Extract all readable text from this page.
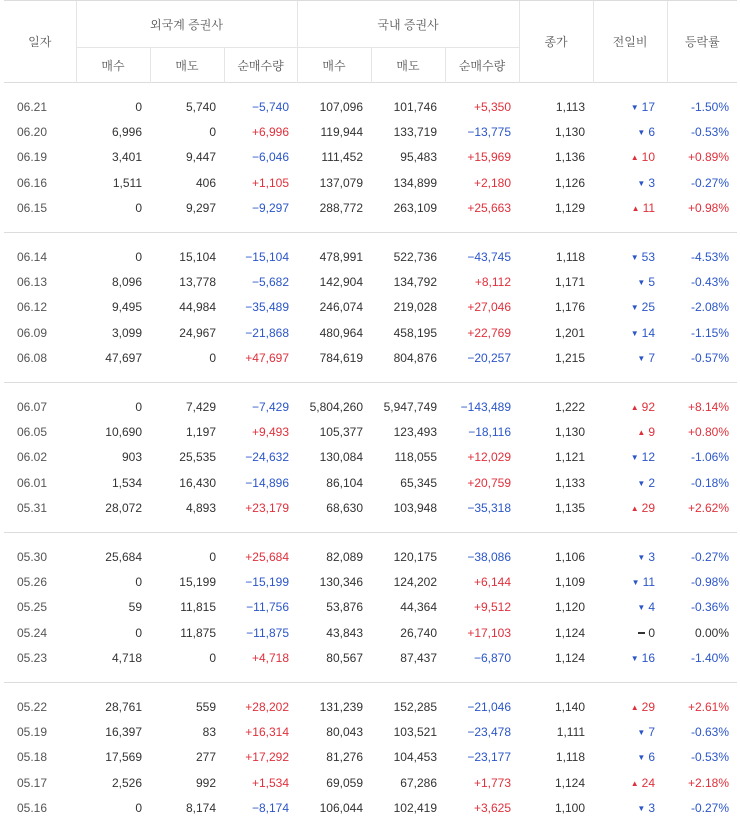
일자	외국계 증권사			국내 증권사			종가	전일비	등락률
	매수	매도	순매수량	매수	매도	순매수량			

06.21	0	5,740	−5,740	107,096	101,746	+5,350	1,113	▼ 17	-1.50%
06.20	6,996	0	+6,996	119,944	133,719	−13,775	1,130	▼ 6	-0.53%
06.19	3,401	9,447	−6,046	111,452	95,483	+15,969	1,136	▲ 10	+0.89%
06.16	1,511	406	+1,105	137,079	134,899	+2,180	1,126	▼ 3	-0.27%
06.15	0	9,297	−9,297	288,772	263,109	+25,663	1,129	▲ 11	+0.98%

06.14	0	15,104	−15,104	478,991	522,736	−43,745	1,118	▼ 53	-4.53%
06.13	8,096	13,778	−5,682	142,904	134,792	+8,112	1,171	▼ 5	-0.43%
06.12	9,495	44,984	−35,489	246,074	219,028	+27,046	1,176	▼ 25	-2.08%
06.09	3,099	24,967	−21,868	480,964	458,195	+22,769	1,201	▼ 14	-1.15%
06.08	47,697	0	+47,697	784,619	804,876	−20,257	1,215	▼ 7	-0.57%

06.07	0	7,429	−7,429	5,804,260	5,947,749	−143,489	1,222	▲ 92	+8.14%
06.05	10,690	1,197	+9,493	105,377	123,493	−18,116	1,130	▲ 9	+0.80%
06.02	903	25,535	−24,632	130,084	118,055	+12,029	1,121	▼ 12	-1.06%
06.01	1,534	16,430	−14,896	86,104	65,345	+20,759	1,133	▼ 2	-0.18%
05.31	28,072	4,893	+23,179	68,630	103,948	−35,318	1,135	▲ 29	+2.62%

05.30	25,684	0	+25,684	82,089	120,175	−38,086	1,106	▼ 3	-0.27%
05.26	0	15,199	−15,199	130,346	124,202	+6,144	1,109	▼ 11	-0.98%
05.25	59	11,815	−11,756	53,876	44,364	+9,512	1,120	▼ 4	-0.36%
05.24	0	11,875	−11,875	43,843	26,740	+17,103	1,124	0	0.00%
05.23	4,718	0	+4,718	80,567	87,437	−6,870	1,124	▼ 16	-1.40%

05.22	28,761	559	+28,202	131,239	152,285	−21,046	1,140	▲ 29	+2.61%
05.19	16,397	83	+16,314	80,043	103,521	−23,478	1,111	▼ 7	-0.63%
05.18	17,569	277	+17,292	81,276	104,453	−23,177	1,118	▼ 6	-0.53%
05.17	2,526	992	+1,534	69,059	67,286	+1,773	1,124	▲ 24	+2.18%
05.16	0	8,174	−8,174	106,044	102,419	+3,625	1,100	▼ 3	-0.27%
